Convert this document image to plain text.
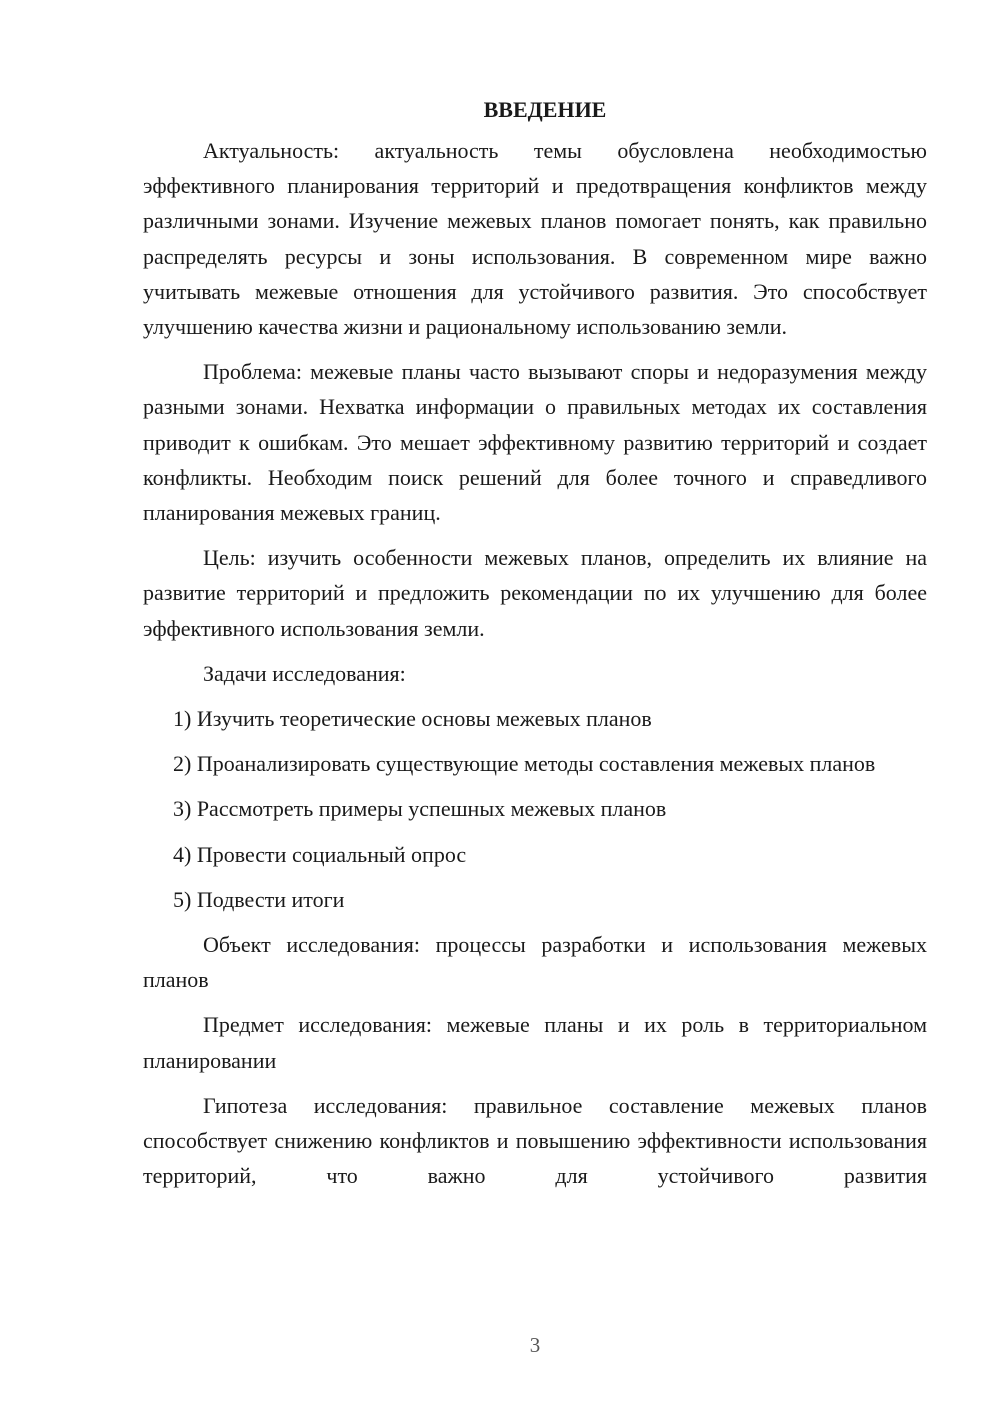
ВВЕДЕНИЕ

Актуальность: актуальность темы обусловлена необходимостью эффективного планирования территорий и предотвращения конфликтов между различными зонами. Изучение межевых планов помогает понять, как правильно распределять ресурсы и зоны использования. В современном мире важно учитывать межевые отношения для устойчивого развития. Это способствует улучшению качества жизни и рациональному использованию земли.

Проблема: межевые планы часто вызывают споры и недоразумения между разными зонами. Нехватка информации о правильных методах их составления приводит к ошибкам. Это мешает эффективному развитию территорий и создает конфликты. Необходим поиск решений для более точного и справедливого планирования межевых границ.

Цель: изучить особенности межевых планов, определить их влияние на развитие территорий и предложить рекомендации по их улучшению для более эффективного использования земли.

Задачи исследования:

1) Изучить теоретические основы межевых планов

2) Проанализировать существующие методы составления межевых планов

3) Рассмотреть примеры успешных межевых планов

4) Провести социальный опрос

5) Подвести итоги

Объект исследования: процессы разработки и использования межевых планов

Предмет исследования: межевые планы и их роль в территориальном планировании

Гипотеза исследования: правильное составление межевых планов способствует снижению конфликтов и повышению эффективности использования территорий, что важно для устойчивого развития

3
